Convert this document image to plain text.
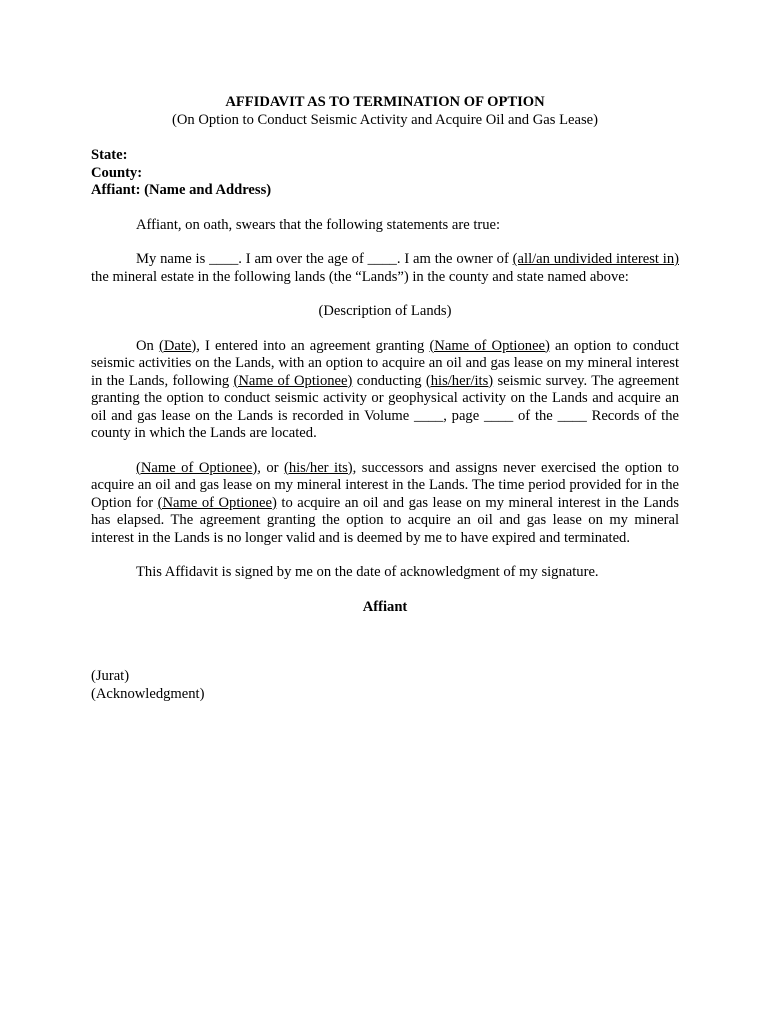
AFFIDAVIT AS TO TERMINATION OF OPTION
(On Option to Conduct Seismic Activity and Acquire Oil and Gas Lease)
State:
County:
Affiant: (Name and Address)

Affiant, on oath, swears that the following statements are true:

My name is ____. I am over the age of ____. I am the owner of (all/an undivided interest in) the mineral estate in the following lands (the “Lands”) in the county and state named above:

(Description of Lands)

On (Date), I entered into an agreement granting (Name of Optionee) an option to conduct seismic activities on the Lands, with an option to acquire an oil and gas lease on my mineral interest in the Lands, following (Name of Optionee) conducting (his/her/its) seismic survey. The agreement granting the option to conduct seismic activity or geophysical activity on the Lands and acquire an oil and gas lease on the Lands is recorded in Volume ____, page ____ of the ____ Records of the county in which the Lands are located.

(Name of Optionee), or (his/her its), successors and assigns never exercised the option to acquire an oil and gas lease on my mineral interest in the Lands. The time period provided for in the Option for (Name of Optionee) to acquire an oil and gas lease on my mineral interest in the Lands has elapsed. The agreement granting the option to acquire an oil and gas lease on my mineral interest in the Lands is no longer valid and is deemed by me to have expired and terminated.

This Affidavit is signed by me on the date of acknowledgment of my signature.

Affiant
(Jurat)
(Acknowledgment)
